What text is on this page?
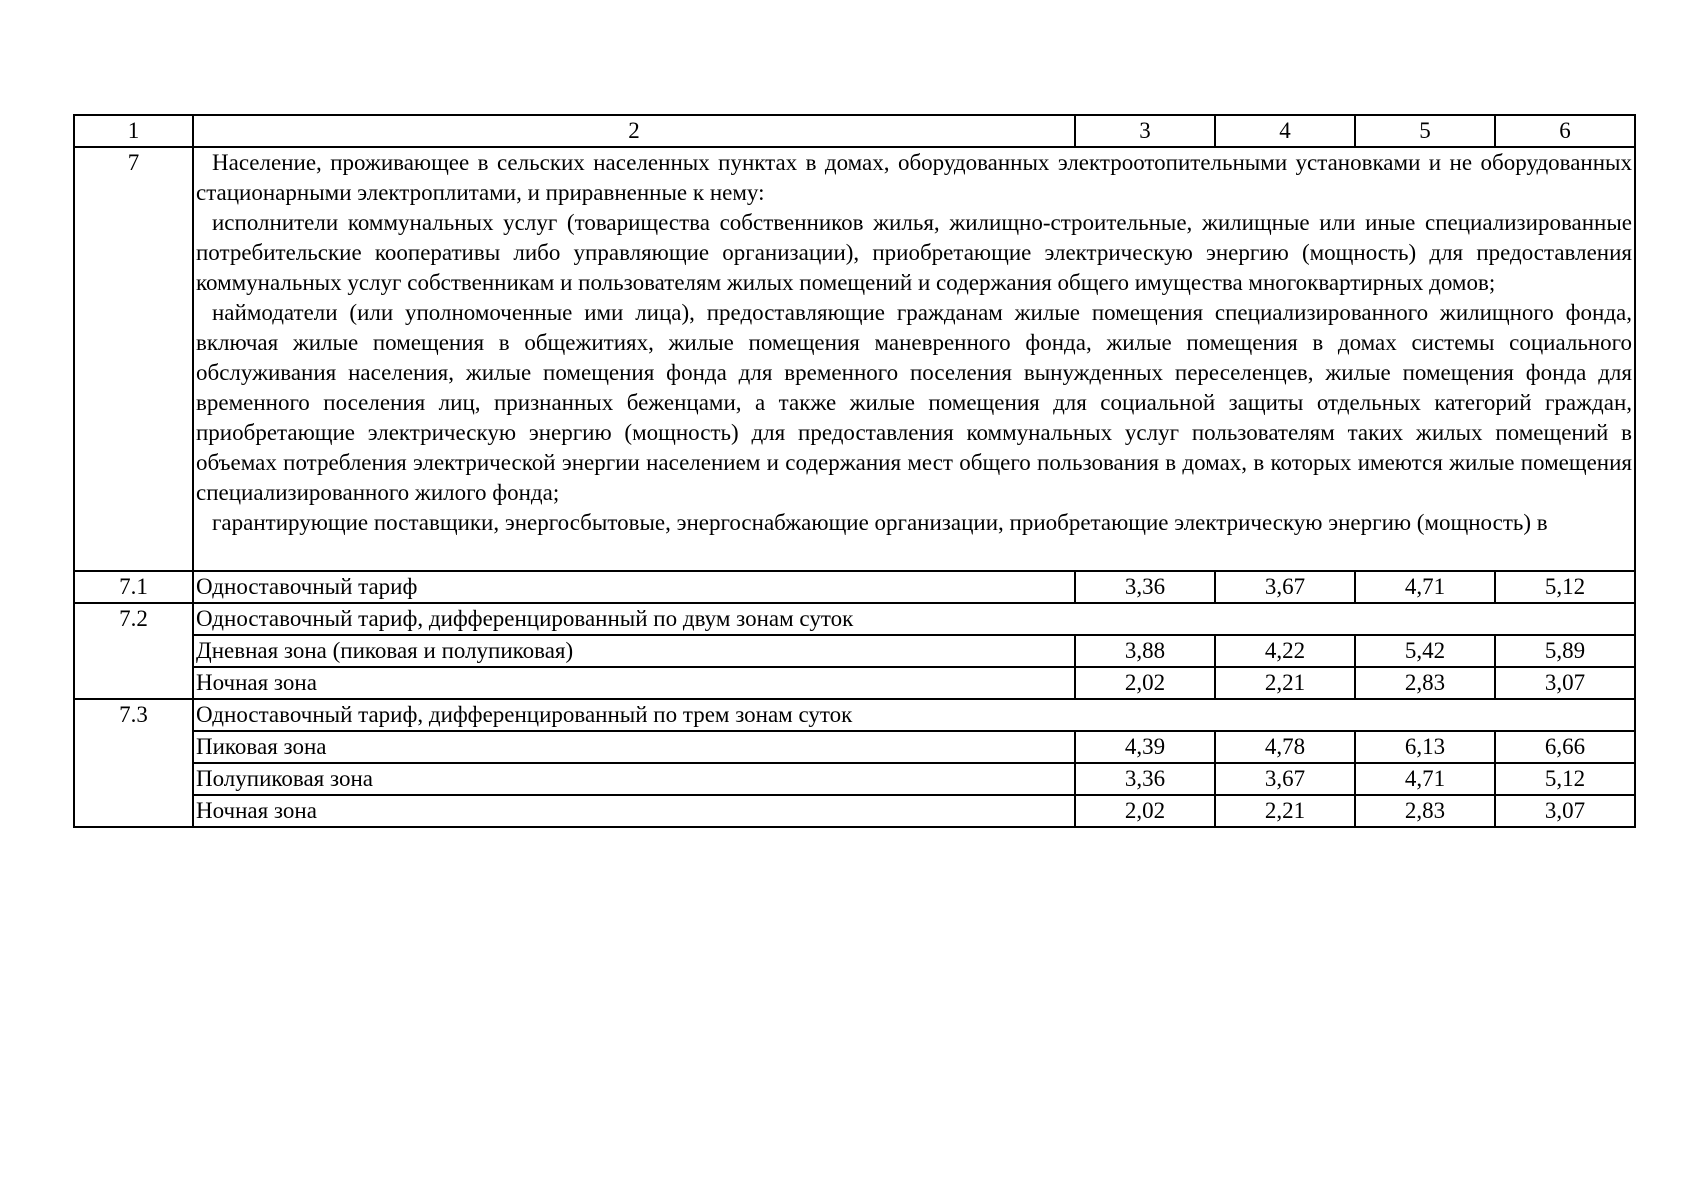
1	2	3	4	5	6
7	Население, проживающее в сельских населенных пунктах в домах, оборудованных электроотопительными установками и не оборудованных стационарными электроплитами, и приравненные к нему:

исполнители коммунальных услуг (товарищества собственников жилья, жилищно-строительные, жилищные или иные специализированные потребительские кооперативы либо управляющие организации), приобретающие электрическую энергию (мощность) для предоставления коммунальных услуг собственникам и пользователям жилых помещений и содержания общего имущества многоквартирных домов;

наймодатели (или уполномоченные ими лица), предоставляющие гражданам жилые помещения специализированного жилищного фонда, включая жилые помещения в общежитиях, жилые помещения маневренного фонда, жилые помещения в домах системы социального обслуживания населения, жилые помещения фонда для временного поселения вынужденных переселенцев, жилые помещения фонда для временного поселения лиц, признанных беженцами, а также жилые помещения для социальной защиты отдельных категорий граждан, приобретающие электрическую энергию (мощность) для предоставления коммунальных услуг пользователям таких жилых помещений в объемах потребления электрической энергии населением и содержания мест общего пользования в домах, в которых имеются жилые помещения специализированного жилого фонда;

гарантирующие поставщики, энергосбытовые, энергоснабжающие организации, приобретающие электрическую энергию (мощность) в				

7.1	Одноставочный тариф	3,36	3,67	4,71	5,12
7.2	Одноставочный тариф, дифференцированный по двум зонам суток				
	Дневная зона (пиковая и полупиковая)	3,88	4,22	5,42	5,89
	Ночная зона	2,02	2,21	2,83	3,07
7.3	Одноставочный тариф, дифференцированный по трем зонам суток				
	Пиковая зона	4,39	4,78	6,13	6,66
	Полупиковая зона	3,36	3,67	4,71	5,12
	Ночная зона	2,02	2,21	2,83	3,07
